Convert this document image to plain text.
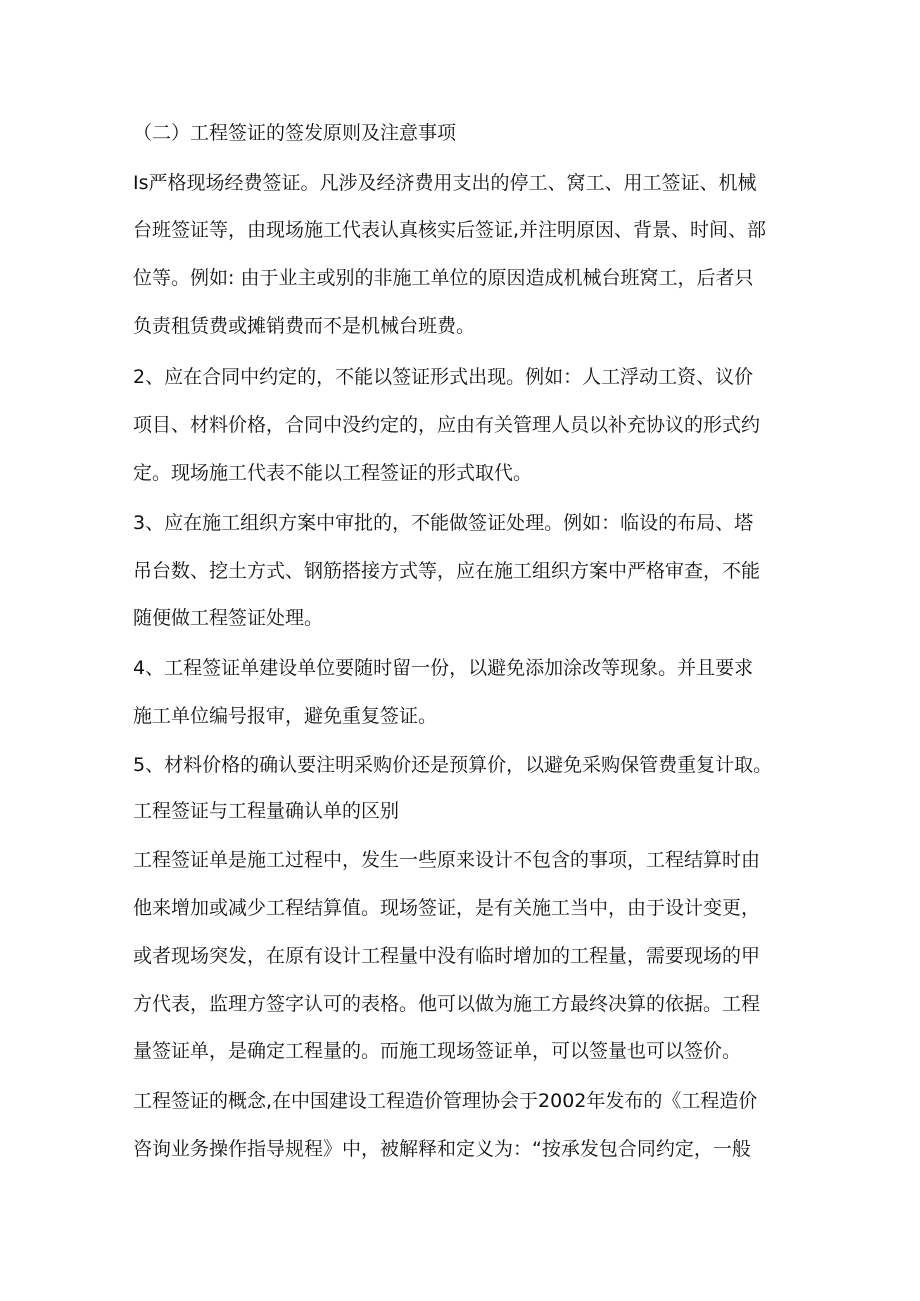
（二）工程签证的签发原则及注意事项
Is严格现场经费签证。凡涉及经济费用支出的停工、窝工、用工签证、机械
台班签证等，由现场施工代表认真核实后签证,并注明原因、背景、时间、部
位等。例如: 由于业主或别的非施工单位的原因造成机械台班窝工，后者只
负责租赁费或摊销费而不是机械台班费。
2、应在合同中约定的，不能以签证形式出现。例如：人工浮动工资、议价
项目、材料价格，合同中没约定的，应由有关管理人员以补充协议的形式约
定。现场施工代表不能以工程签证的形式取代。
3、应在施工组织方案中审批的，不能做签证处理。例如：临设的布局、塔
吊台数、挖土方式、钢筋搭接方式等，应在施工组织方案中严格审查，不能
随便做工程签证处理。
4、工程签证单建设单位要随时留一份，以避免添加涂改等现象。并且要求
施工单位编号报审，避免重复签证。
5、材料价格的确认要注明采购价还是预算价，以避免采购保管费重复计取。
工程签证与工程量确认单的区别
工程签证单是施工过程中，发生一些原来设计不包含的事项，工程结算时由
他来增加或减少工程结算值。现场签证，是有关施工当中，由于设计变更，
或者现场突发，在原有设计工程量中没有临时增加的工程量，需要现场的甲
方代表，监理方签字认可的表格。他可以做为施工方最终决算的依据。工程
量签证单，是确定工程量的。而施工现场签证单，可以签量也可以签价。
工程签证的概念,在中国建设工程造价管理协会于2002年发布的《工程造价
咨询业务操作指导规程》中，被解释和定义为：“按承发包合同约定，一般
